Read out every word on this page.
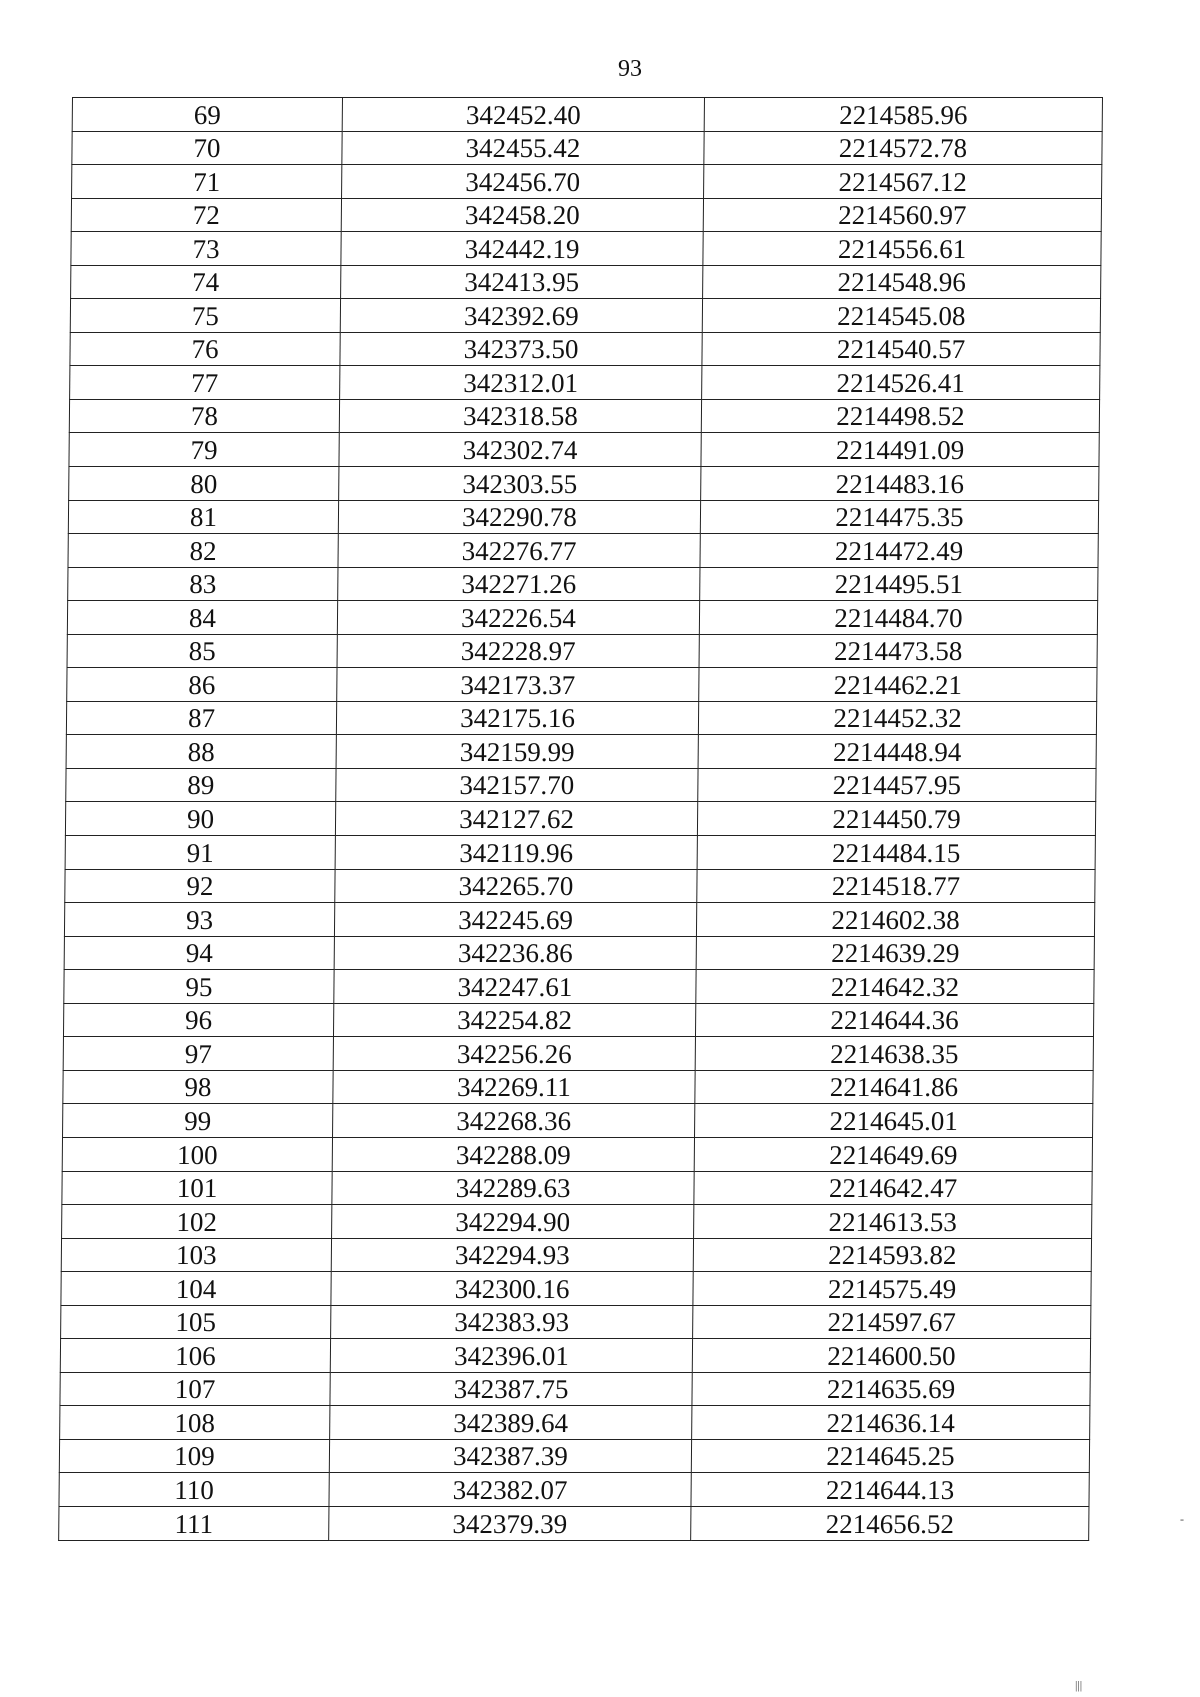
93
69	342452.40	2214585.96
70	342455.42	2214572.78
71	342456.70	2214567.12
72	342458.20	2214560.97
73	342442.19	2214556.61
74	342413.95	2214548.96
75	342392.69	2214545.08
76	342373.50	2214540.57
77	342312.01	2214526.41
78	342318.58	2214498.52
79	342302.74	2214491.09
80	342303.55	2214483.16
81	342290.78	2214475.35
82	342276.77	2214472.49
83	342271.26	2214495.51
84	342226.54	2214484.70
85	342228.97	2214473.58
86	342173.37	2214462.21
87	342175.16	2214452.32
88	342159.99	2214448.94
89	342157.70	2214457.95
90	342127.62	2214450.79
91	342119.96	2214484.15
92	342265.70	2214518.77
93	342245.69	2214602.38
94	342236.86	2214639.29
95	342247.61	2214642.32
96	342254.82	2214644.36
97	342256.26	2214638.35
98	342269.11	2214641.86
99	342268.36	2214645.01
100	342288.09	2214649.69
101	342289.63	2214642.47
102	342294.90	2214613.53
103	342294.93	2214593.82
104	342300.16	2214575.49
105	342383.93	2214597.67
106	342396.01	2214600.50
107	342387.75	2214635.69
108	342389.64	2214636.14
109	342387.39	2214645.25
110	342382.07	2214644.13
111	342379.39	2214656.52	-
|||
